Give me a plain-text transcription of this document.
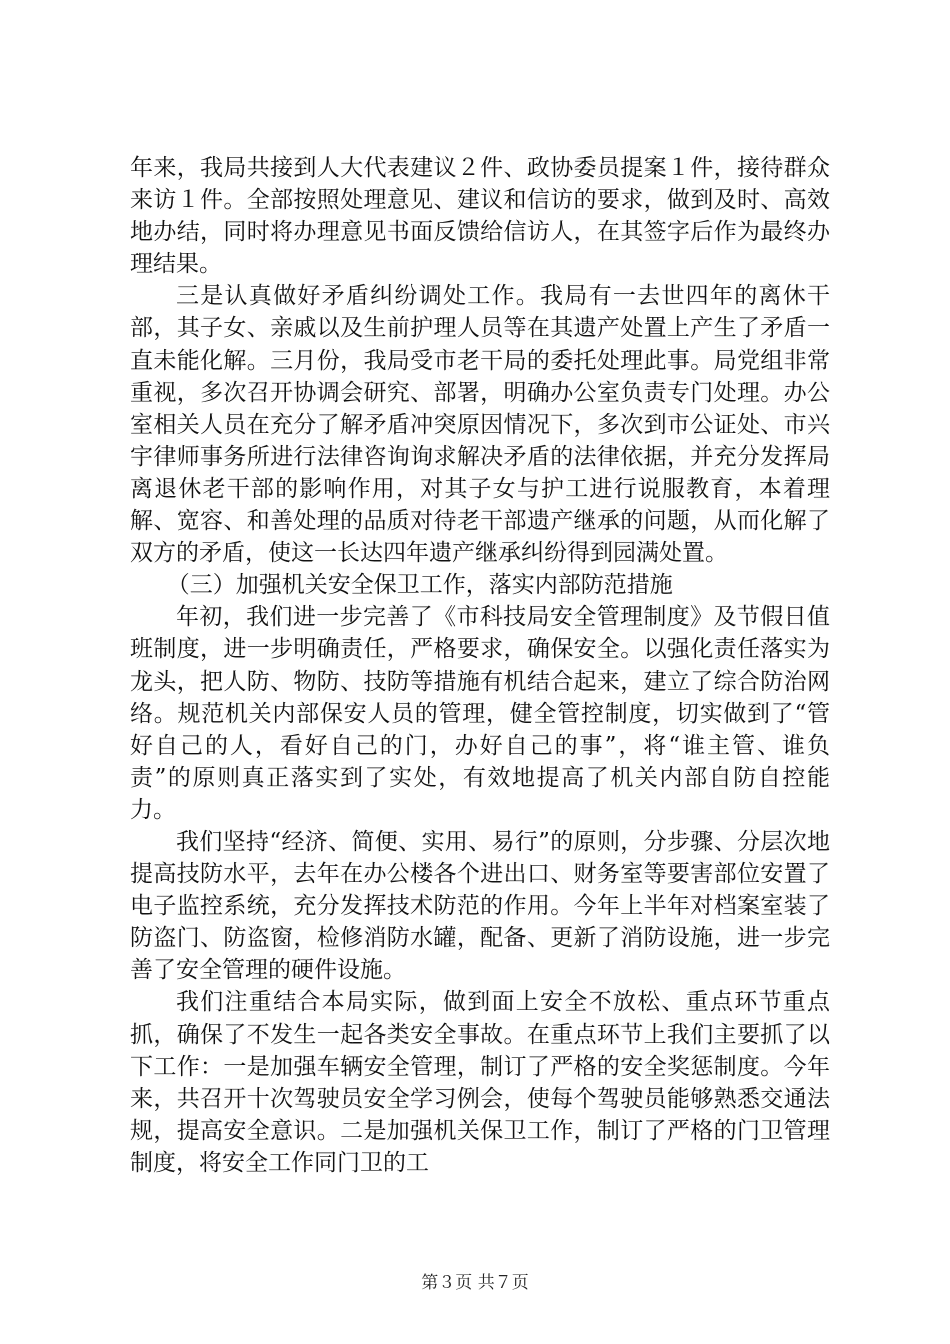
年来，我局共接到人大代表建议２件、政协委员提案１件，接待群众来访１件。全部按照处理意见、建议和信访的要求，做到及时、高效地办结，同时将办理意见书面反馈给信访人，在其签字后作为最终办理结果。

三是认真做好矛盾纠纷调处工作。我局有一去世四年的离休干部，其子女、亲戚以及生前护理人员等在其遗产处置上产生了矛盾一直未能化解。三月份，我局受市老干局的委托处理此事。局党组非常重视，多次召开协调会研究、部署，明确办公室负责专门处理。办公室相关人员在充分了解矛盾冲突原因情况下，多次到市公证处、市兴宇律师事务所进行法律咨询询求解决矛盾的法律依据，并充分发挥局离退休老干部的影响作用，对其子女与护工进行说服教育，本着理解、宽容、和善处理的品质对待老干部遗产继承的问题，从而化解了双方的矛盾，使这一长达四年遗产继承纠纷得到园满处置。

（三）加强机关安全保卫工作，落实内部防范措施

年初，我们进一步完善了《市科技局安全管理制度》及节假日值班制度，进一步明确责任，严格要求，确保安全。以强化责任落实为龙头，把人防、物防、技防等措施有机结合起来，建立了综合防治网络。规范机关内部保安人员的管理，健全管控制度，切实做到了“管好自己的人，看好自己的门，办好自己的事”，将“谁主管、谁负责”的原则真正落实到了实处，有效地提高了机关内部自防自控能力。

我们坚持“经济、简便、实用、易行”的原则，分步骤、分层次地提高技防水平，去年在办公楼各个进出口、财务室等要害部位安置了电子监控系统，充分发挥技术防范的作用。今年上半年对档案室装了防盗门、防盗窗，检修消防水罐，配备、更新了消防设施，进一步完善了安全管理的硬件设施。

我们注重结合本局实际，做到面上安全不放松、重点环节重点抓，确保了不发生一起各类安全事故。在重点环节上我们主要抓了以下工作：一是加强车辆安全管理，制订了严格的安全奖惩制度。今年来，共召开十次驾驶员安全学习例会，使每个驾驶员能够熟悉交通法规，提高安全意识。二是加强机关保卫工作，制订了严格的门卫管理制度，将安全工作同门卫的工

第３页 共７页
